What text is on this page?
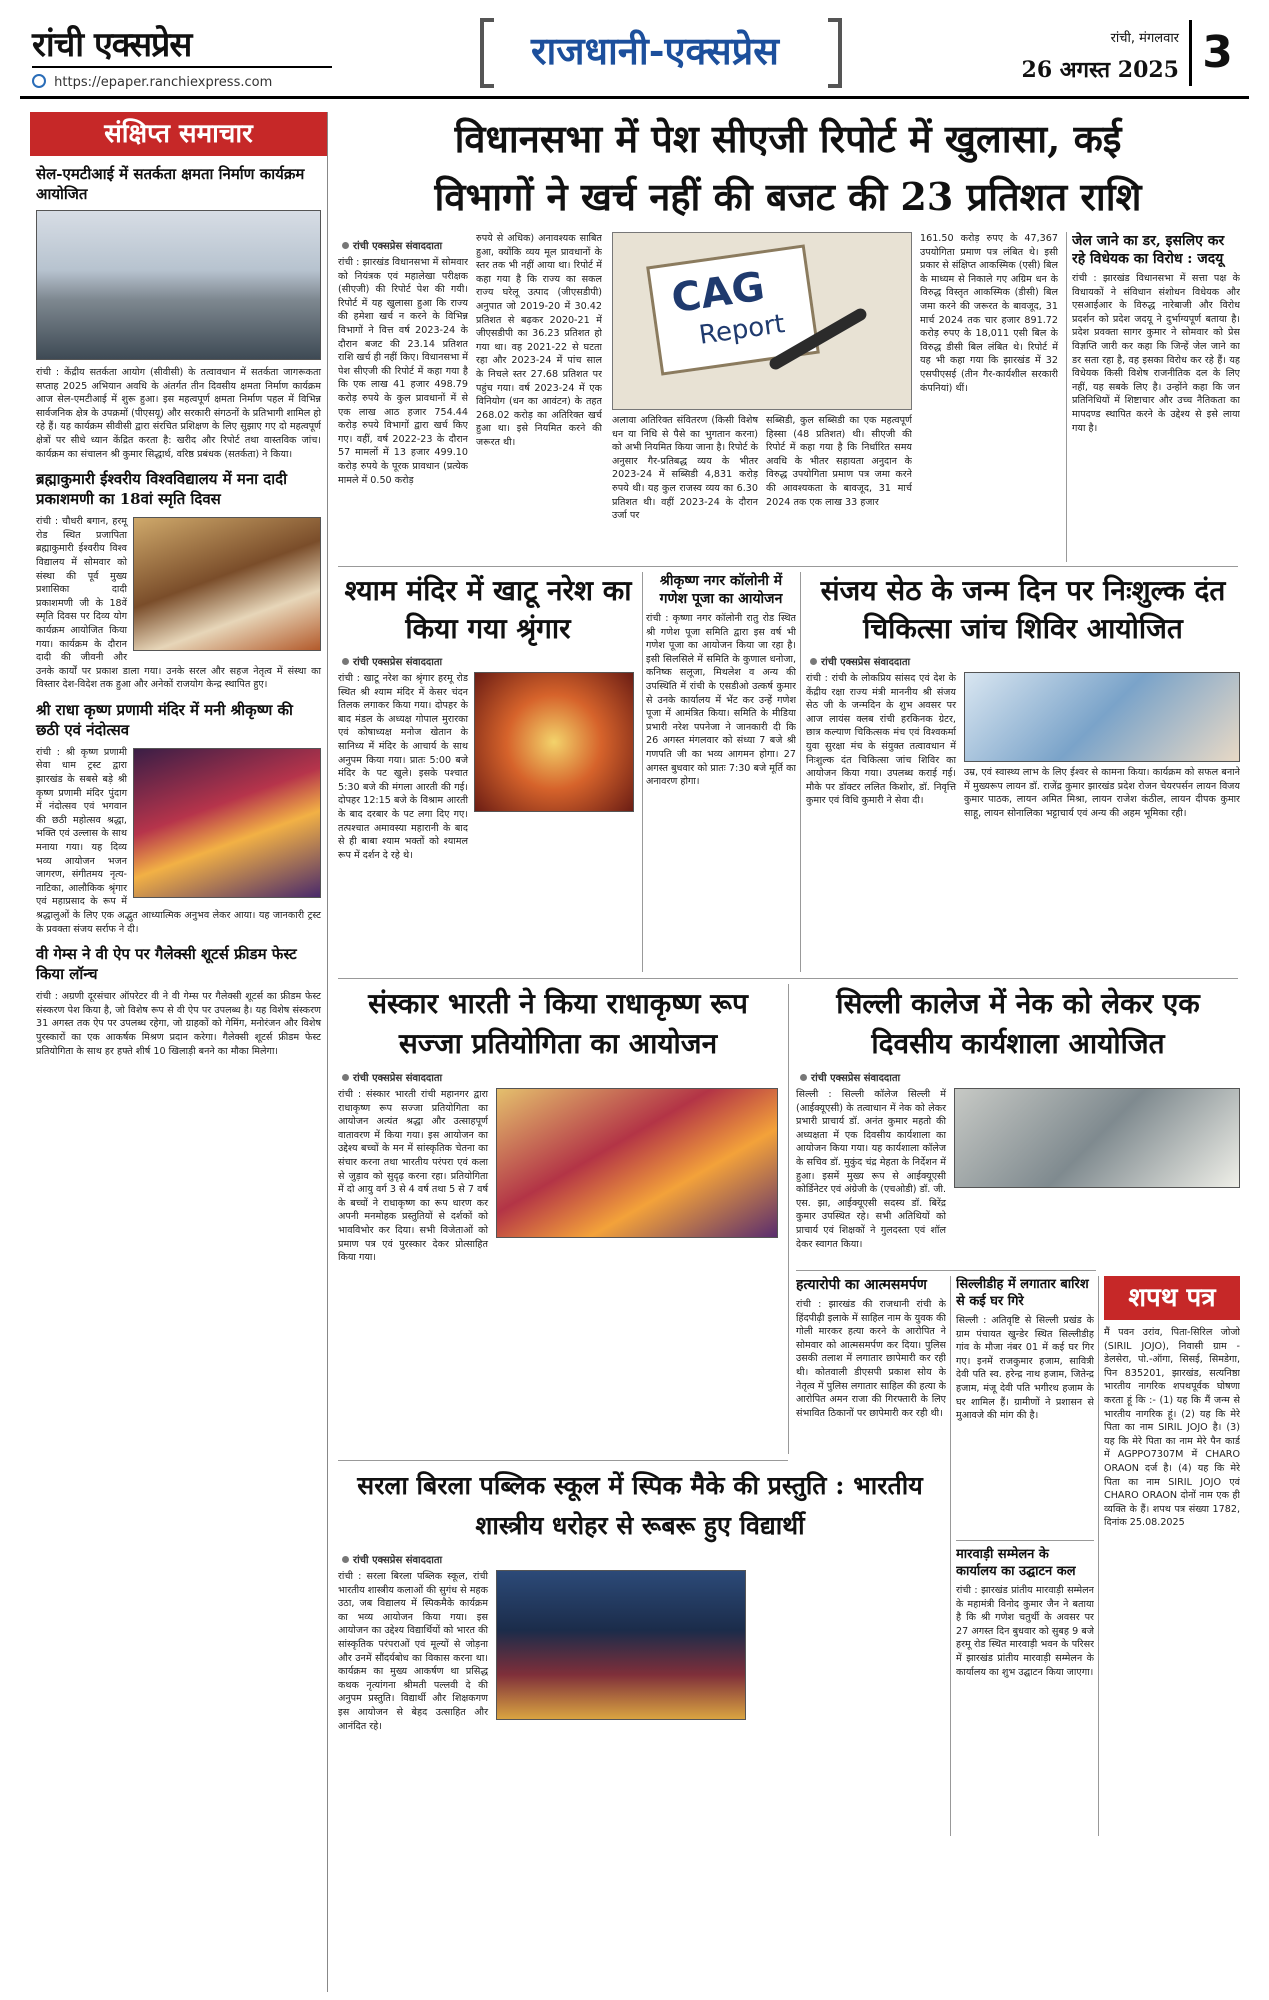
रांची एक्सप्रेस
https://epaper.ranchiexpress.com
राजधानी-एक्सप्रेस	रांची, मंगलवार
26 अगस्त 2025 3
संक्षिप्त समाचार
सेल-एमटीआई में सतर्कता क्षमता निर्माण कार्यक्रम आयोजित

रांची : केंद्रीय सतर्कता आयोग (सीवीसी) के तत्वावधान में सतर्कता जागरूकता सप्ताह 2025 अभियान अवधि के अंतर्गत तीन दिवसीय क्षमता निर्माण कार्यक्रम आज सेल-एमटीआई में शुरू हुआ। इस महत्वपूर्ण क्षमता निर्माण पहल में विभिन्न सार्वजनिक क्षेत्र के उपक्रमों (पीएसयू) और सरकारी संगठनों के प्रतिभागी शामिल हो रहे हैं। यह कार्यक्रम सीवीसी द्वारा संरचित प्रशिक्षण के लिए सुझाए गए दो महत्वपूर्ण क्षेत्रों पर सीधे ध्यान केंद्रित करता है: खरीद और रिपोर्ट तथा वास्तविक जांच। कार्यक्रम का संचालन श्री कुमार सिद्धार्थ, वरिष्ठ प्रबंधक (सतर्कता) ने किया।

ब्रह्माकुमारी ईश्वरीय विश्वविद्यालय में मना दादी प्रकाशमणी का 18वां स्मृति दिवस

रांची : चौधरी बगान, हरमू रोड स्थित प्रजापिता ब्रह्माकुमारी ईश्वरीय विश्व विद्यालय में सोमवार को संस्था की पूर्व मुख्य प्रशासिका दादी प्रकाशमणी जी के 18वें स्मृति दिवस पर दिव्य योग कार्यक्रम आयोजित किया गया। कार्यक्रम के दौरान दादी की जीवनी और उनके कार्यों पर प्रकाश डाला गया। उनके सरल और सहज नेतृत्व में संस्था का विस्तार देश-विदेश तक हुआ और अनेकों राजयोग केन्द्र स्थापित हुए।

श्री राधा कृष्ण प्रणामी मंदिर में मनी श्रीकृष्ण की छठी एवं नंदोत्सव

रांची : श्री कृष्ण प्रणामी सेवा धाम ट्रस्ट द्वारा झारखंड के सबसे बड़े श्री कृष्ण प्रणामी मंदिर पुंदाग में नंदोत्सव एवं भगवान की छठी महोत्सव श्रद्धा, भक्ति एवं उल्लास के साथ मनाया गया। यह दिव्य भव्य आयोजन भजन जागरण, संगीतमय नृत्य-नाटिका, आलौकिक श्रृंगार एवं महाप्रसाद के रूप में श्रद्धालुओं के लिए एक अद्भुत आध्यात्मिक अनुभव लेकर आया। यह जानकारी ट्रस्ट के प्रवक्ता संजय सर्राफ ने दी।

वी गेम्स ने वी ऐप पर गैलेक्सी शूटर्स फ्रीडम फेस्ट किया लॉन्च

रांची : अग्रणी दूरसंचार ऑपरेटर वी ने वी गेम्स पर गैलेक्सी शूटर्स का फ्रीडम फेस्ट संस्करण पेश किया है, जो विशेष रूप से वी ऐप पर उपलब्ध है। यह विशेष संस्करण 31 अगस्त तक ऐप पर उपलब्ध रहेगा, जो ग्राहकों को गेमिंग, मनोरंजन और विशेष पुरस्कारों का एक आकर्षक मिश्रण प्रदान करेगा। गैलेक्सी शूटर्स फ्रीडम फेस्ट प्रतियोगिता के साथ हर हफ्ते शीर्ष 10 खिलाड़ी बनने का मौका मिलेगा।

विधानसभा में पेश सीएजी रिपोर्ट में खुलासा, कई
विभागों ने खर्च नहीं की बजट की 23 प्रतिशत राशि
रांची एक्सप्रेस संवाददाता

रांची : झारखंड विधानसभा में सोमवार को नियंत्रक एवं महालेखा परीक्षक (सीएजी) की रिपोर्ट पेश की गयी। रिपोर्ट में यह खुलासा हुआ कि राज्य की हमेशा खर्च न करने के विभिन्न विभागों ने वित्त वर्ष 2023-24 के दौरान बजट की 23.14 प्रतिशत राशि खर्च ही नहीं किए। विधानसभा में पेश सीएजी की रिपोर्ट में कहा गया है कि एक लाख 41 हजार 498.79 करोड़ रुपये के कुल प्रावधानों में से एक लाख आठ हजार 754.44 करोड़ रुपये विभागों द्वारा खर्च किए गए। वहीं, वर्ष 2022-23 के दौरान 57 मामलों में 13 हजार 499.10 करोड़ रुपये के पूरक प्रावधान (प्रत्येक मामले में 0.50 करोड़

रुपये से अधिक) अनावश्यक साबित हुआ, क्योंकि व्यय मूल प्रावधानों के स्तर तक भी नहीं आया था। रिपोर्ट में कहा गया है कि राज्य का सकल राज्य घरेलू उत्पाद (जीएसडीपी) अनुपात जो 2019-20 में 30.42 प्रतिशत से बढ़कर 2020-21 में जीएसडीपी का 36.23 प्रतिशत हो गया था। वह 2021-22 से घटता रहा और 2023-24 में पांच साल के निचले स्तर 27.68 प्रतिशत पर पहुंच गया। वर्ष 2023-24 में एक विनियोग (धन का आवंटन) के तहत 268.02 करोड़ का अतिरिक्त खर्च हुआ था। इसे नियमित करने की जरूरत थी।

CAG
Report

अलावा अतिरिक्त संवितरण (किसी विशेष धन या निधि से पैसे का भुगतान करना) को अभी नियमित किया जाना है। रिपोर्ट के अनुसार गैर-प्रतिबद्ध व्यय के भीतर 2023-24 में सब्सिडी 4,831 करोड़ रुपये थी। यह कुल राजस्व व्यय का 6.30 प्रतिशत थी। वहीं 2023-24 के दौरान उर्जा पर

सब्सिडी, कुल सब्सिडी का एक महत्वपूर्ण हिस्सा (48 प्रतिशत) थी। सीएजी की रिपोर्ट में कहा गया है कि निर्धारित समय अवधि के भीतर सहायता अनुदान के विरुद्ध उपयोगिता प्रमाण पत्र जमा करने की आवश्यकता के बावजूद, 31 मार्च 2024 तक एक लाख 33 हजार

161.50 करोड़ रुपए के 47,367 उपयोगिता प्रमाण पत्र लंबित थे। इसी प्रकार से संक्षिप्त आकस्मिक (एसी) बिल के माध्यम से निकाले गए अग्रिम धन के विरुद्ध विस्तृत आकस्मिक (डीसी) बिल जमा करने की जरूरत के बावजूद, 31 मार्च 2024 तक चार हजार 891.72 करोड़ रुपए के 18,011 एसी बिल के विरुद्ध डीसी बिल लंबित थे। रिपोर्ट में यह भी कहा गया कि झारखंड में 32 एसपीएसई (तीन गैर-कार्यशील सरकारी कंपनियां) थीं।

जेल जाने का डर, इसलिए कर रहे विधेयक का विरोध : जदयू

रांची : झारखंड विधानसभा में सत्ता पक्ष के विधायकों ने संविधान संशोधन विधेयक और एसआईआर के विरुद्ध नारेबाजी और विरोध प्रदर्शन को प्रदेश जदयू ने दुर्भाग्यपूर्ण बताया है। प्रदेश प्रवक्ता सागर कुमार ने सोमवार को प्रेस विज्ञप्ति जारी कर कहा कि जिन्हें जेल जाने का डर सता रहा है, वह इसका विरोध कर रहे हैं। यह विधेयक किसी विशेष राजनीतिक दल के लिए नहीं, यह सबके लिए है। उन्होंने कहा कि जन प्रतिनिधियों में शिष्टाचार और उच्च नैतिकता का मापदण्ड स्थापित करने के उद्देश्य से इसे लाया गया है।

श्याम मंदिर में खाटू नरेश का किया गया श्रृंगार
रांची एक्सप्रेस संवाददाता

रांची : खाटू नरेश का श्रृंगार हरमू रोड स्थित श्री श्याम मंदिर में केसर चंदन तिलक लगाकर किया गया। दोपहर के बाद मंडल के अध्यक्ष गोपाल मुरारका एवं कोषाध्यक्ष मनोज खेतान के सानिध्य में मंदिर के आचार्य के साथ अनुपम किया गया। प्रातः 5:00 बजे मंदिर के पट खुले। इसके पश्चात 5:30 बजे की मंगला आरती की गई। दोपहर 12:15 बजे के विश्राम आरती के बाद दरबार के पट लगा दिए गए। तत्पश्चात अमावस्या महारानी के बाद से ही बाबा श्याम भक्तों को श्यामल रूप में दर्शन दे रहे थे।

श्रीकृष्ण नगर कॉलोनी में गणेश पूजा का आयोजन

रांची : कृष्णा नगर कॉलोनी रातु रोड स्थित श्री गणेश पूजा समिति द्वारा इस वर्ष भी गणेश पूजा का आयोजन किया जा रहा है। इसी सिलसिले में समिति के कुणाल धनोजा, कनिष्क सलूजा, मिथलेश व अन्य की उपस्थिति में रांची के एसडीओ उत्कर्ष कुमार से उनके कार्यालय में भेंट कर उन्हें गणेश पूजा में आमंत्रित किया। समिति के मीडिया प्रभारी नरेश पपनेजा ने जानकारी दी कि 26 अगस्त मंगलवार को संध्या 7 बजे श्री गणपति जी का भव्य आगमन होगा। 27 अगस्त बुधवार को प्रातः 7:30 बजे मूर्ति का अनावरण होगा।

संजय सेठ के जन्म दिन पर निःशुल्क दंत चिकित्सा जांच शिविर आयोजित
रांची एक्सप्रेस संवाददाता

रांची : रांची के लोकप्रिय सांसद एवं देश के केंद्रीय रक्षा राज्य मंत्री माननीय श्री संजय सेठ जी के जन्मदिन के शुभ अवसर पर आज लायंस क्लब रांची हरकिनक ग्रेटर, छात्र कल्याण चिकित्सक मंच एवं विश्वकर्मा युवा सुरक्षा मंच के संयुक्त तत्वावधान में निःशुल्क दंत चिकित्सा जांच शिविर का आयोजन किया गया। उपलब्ध कराई गई। मौके पर डॉक्टर ललित किशोर, डॉ. निवृत्ति कुमार एवं विधि कुमारी ने सेवा दी।

उम्र, एवं स्वास्थ्य लाभ के लिए ईश्वर से कामना किया। कार्यक्रम को सफल बनाने में मुख्यरूप लायन डॉ. राजेंद्र कुमार झारखंड प्रदेश रोजन चेयरपर्सन लायन विजय कुमार पाठक, लायन अमित मिश्रा, लायन राजेश कंठील, लायन दीपक कुमार साहू, लायन सोनालिका भट्टाचार्य एवं अन्य की अहम भूमिका रही।

संस्कार भारती ने किया राधाकृष्ण रूप सज्जा प्रतियोगिता का आयोजन
रांची एक्सप्रेस संवाददाता

रांची : संस्कार भारती रांची महानगर द्वारा राधाकृष्ण रूप सज्जा प्रतियोगिता का आयोजन अत्यंत श्रद्धा और उत्साहपूर्ण वातावरण में किया गया। इस आयोजन का उद्देश्य बच्चों के मन में सांस्कृतिक चेतना का संचार करना तथा भारतीय परंपरा एवं कला से जुड़ाव को सुदृढ़ करना रहा। प्रतियोगिता में दो आयु वर्ग 3 से 4 वर्ष तथा 5 से 7 वर्ष के बच्चों ने राधाकृष्ण का रूप धारण कर अपनी मनमोहक प्रस्तुतियों से दर्शकों को भावविभोर कर दिया। सभी विजेताओं को प्रमाण पत्र एवं पुरस्कार देकर प्रोत्साहित किया गया।

सिल्ली कालेज में नेक को लेकर एक दिवसीय कार्यशाला आयोजित
रांची एक्सप्रेस संवाददाता

सिल्ली : सिल्ली कॉलेज सिल्ली में (आईक्यूएसी) के तत्वाधान में नेक को लेकर प्रभारी प्राचार्य डॉ. अनंत कुमार महतो की अध्यक्षता में एक दिवसीय कार्यशाला का आयोजन किया गया। यह कार्यशाला कॉलेज के सचिव डॉ. मुकुंद चंद्र मेहता के निर्देशन में हुआ। इसमें मुख्य रूप से आईक्यूएसी कोर्डिनेटर एवं अंग्रेजी के (एचओडी) डॉ. जी. एस. झा, आईक्यूएसी सदस्य डॉ. बिरेंद्र कुमार उपस्थित रहे। सभी अतिथियों को प्राचार्य एवं शिक्षकों ने गुलदस्ता एवं शॉल देकर स्वागत किया।

हत्यारोपी का आत्मसमर्पण

रांची : झारखंड की राजधानी रांची के हिंदपीढ़ी इलाके में साहिल नाम के युवक की गोली मारकर हत्या करने के आरोपित ने सोमवार को आत्मसमर्पण कर दिया। पुलिस उसकी तलाश में लगातार छापेमारी कर रही थी। कोतवाली डीएसपी प्रकाश सोय के नेतृत्व में पुलिस लगातार साहिल की हत्या के आरोपित अमन राजा की गिरफ्तारी के लिए संभावित ठिकानों पर छापेमारी कर रही थी।

सिल्लीडीह में लगातार बारिश से कई घर गिरे

सिल्ली : अतिवृष्टि से सिल्ली प्रखंड के ग्राम पंचायत खुन्डेर स्थित सिल्लीडीह गांव के मौजा नंबर 01 में कई घर गिर गए। इनमें राजकुमार हजाम, सावित्री देवी पति स्व. हरेन्द्र नाथ हजाम, जितेन्द्र हजाम, मंजू देवी पति भगीरथ हजाम के घर शामिल हैं। ग्रामीणों ने प्रशासन से मुआवजे की मांग की है।

मारवाड़ी सम्मेलन के कार्यालय का उद्घाटन कल

रांची : झारखंड प्रांतीय मारवाड़ी सम्मेलन के महामंत्री विनोद कुमार जैन ने बताया है कि श्री गणेश चतुर्थी के अवसर पर 27 अगस्त दिन बुधवार को सुबह 9 बजे हरमू रोड स्थित मारवाड़ी भवन के परिसर में झारखंड प्रांतीय मारवाड़ी सम्मेलन के कार्यालय का शुभ उद्घाटन किया जाएगा।

शपथ पत्र

मैं पवन उरांव, पिता-सिरिल जोजो (SIRIL JOJO), निवासी ग्राम - डेलसेरा, पो.-ऑगा, सिसई, सिमडेगा, पिन 835201, झारखंड, सत्यनिष्ठा भारतीय नागरिक शपथपूर्वक घोषणा करता हूं कि :- (1) यह कि मैं जन्म से भारतीय नागरिक हूं। (2) यह कि मेरे पिता का नाम SIRIL JOJO है। (3) यह कि मेरे पिता का नाम मेरे पैन कार्ड में AGPPO7307M में CHARO ORAON दर्ज है। (4) यह कि मेरे पिता का नाम SIRIL JOJO एवं CHARO ORAON दोनों नाम एक ही व्यक्ति के हैं। शपथ पत्र संख्या 1782, दिनांक 25.08.2025

सरला बिरला पब्लिक स्कूल में स्पिक मैके की प्रस्तुति : भारतीय शास्त्रीय धरोहर से रूबरू हुए विद्यार्थी
रांची एक्सप्रेस संवाददाता

रांची : सरला बिरला पब्लिक स्कूल, रांची भारतीय शास्त्रीय कलाओं की सुगंध से महक उठा, जब विद्यालय में स्पिकमैके कार्यक्रम का भव्य आयोजन किया गया। इस आयोजन का उद्देश्य विद्यार्थियों को भारत की सांस्कृतिक परंपराओं एवं मूल्यों से जोड़ना और उनमें सौंदर्यबोध का विकास करना था। कार्यक्रम का मुख्य आकर्षण था प्रसिद्ध कथक नृत्यांगना श्रीमती पल्लवी दे की अनुपम प्रस्तुति। विद्यार्थी और शिक्षकगण इस आयोजन से बेहद उत्साहित और आनंदित रहे।
